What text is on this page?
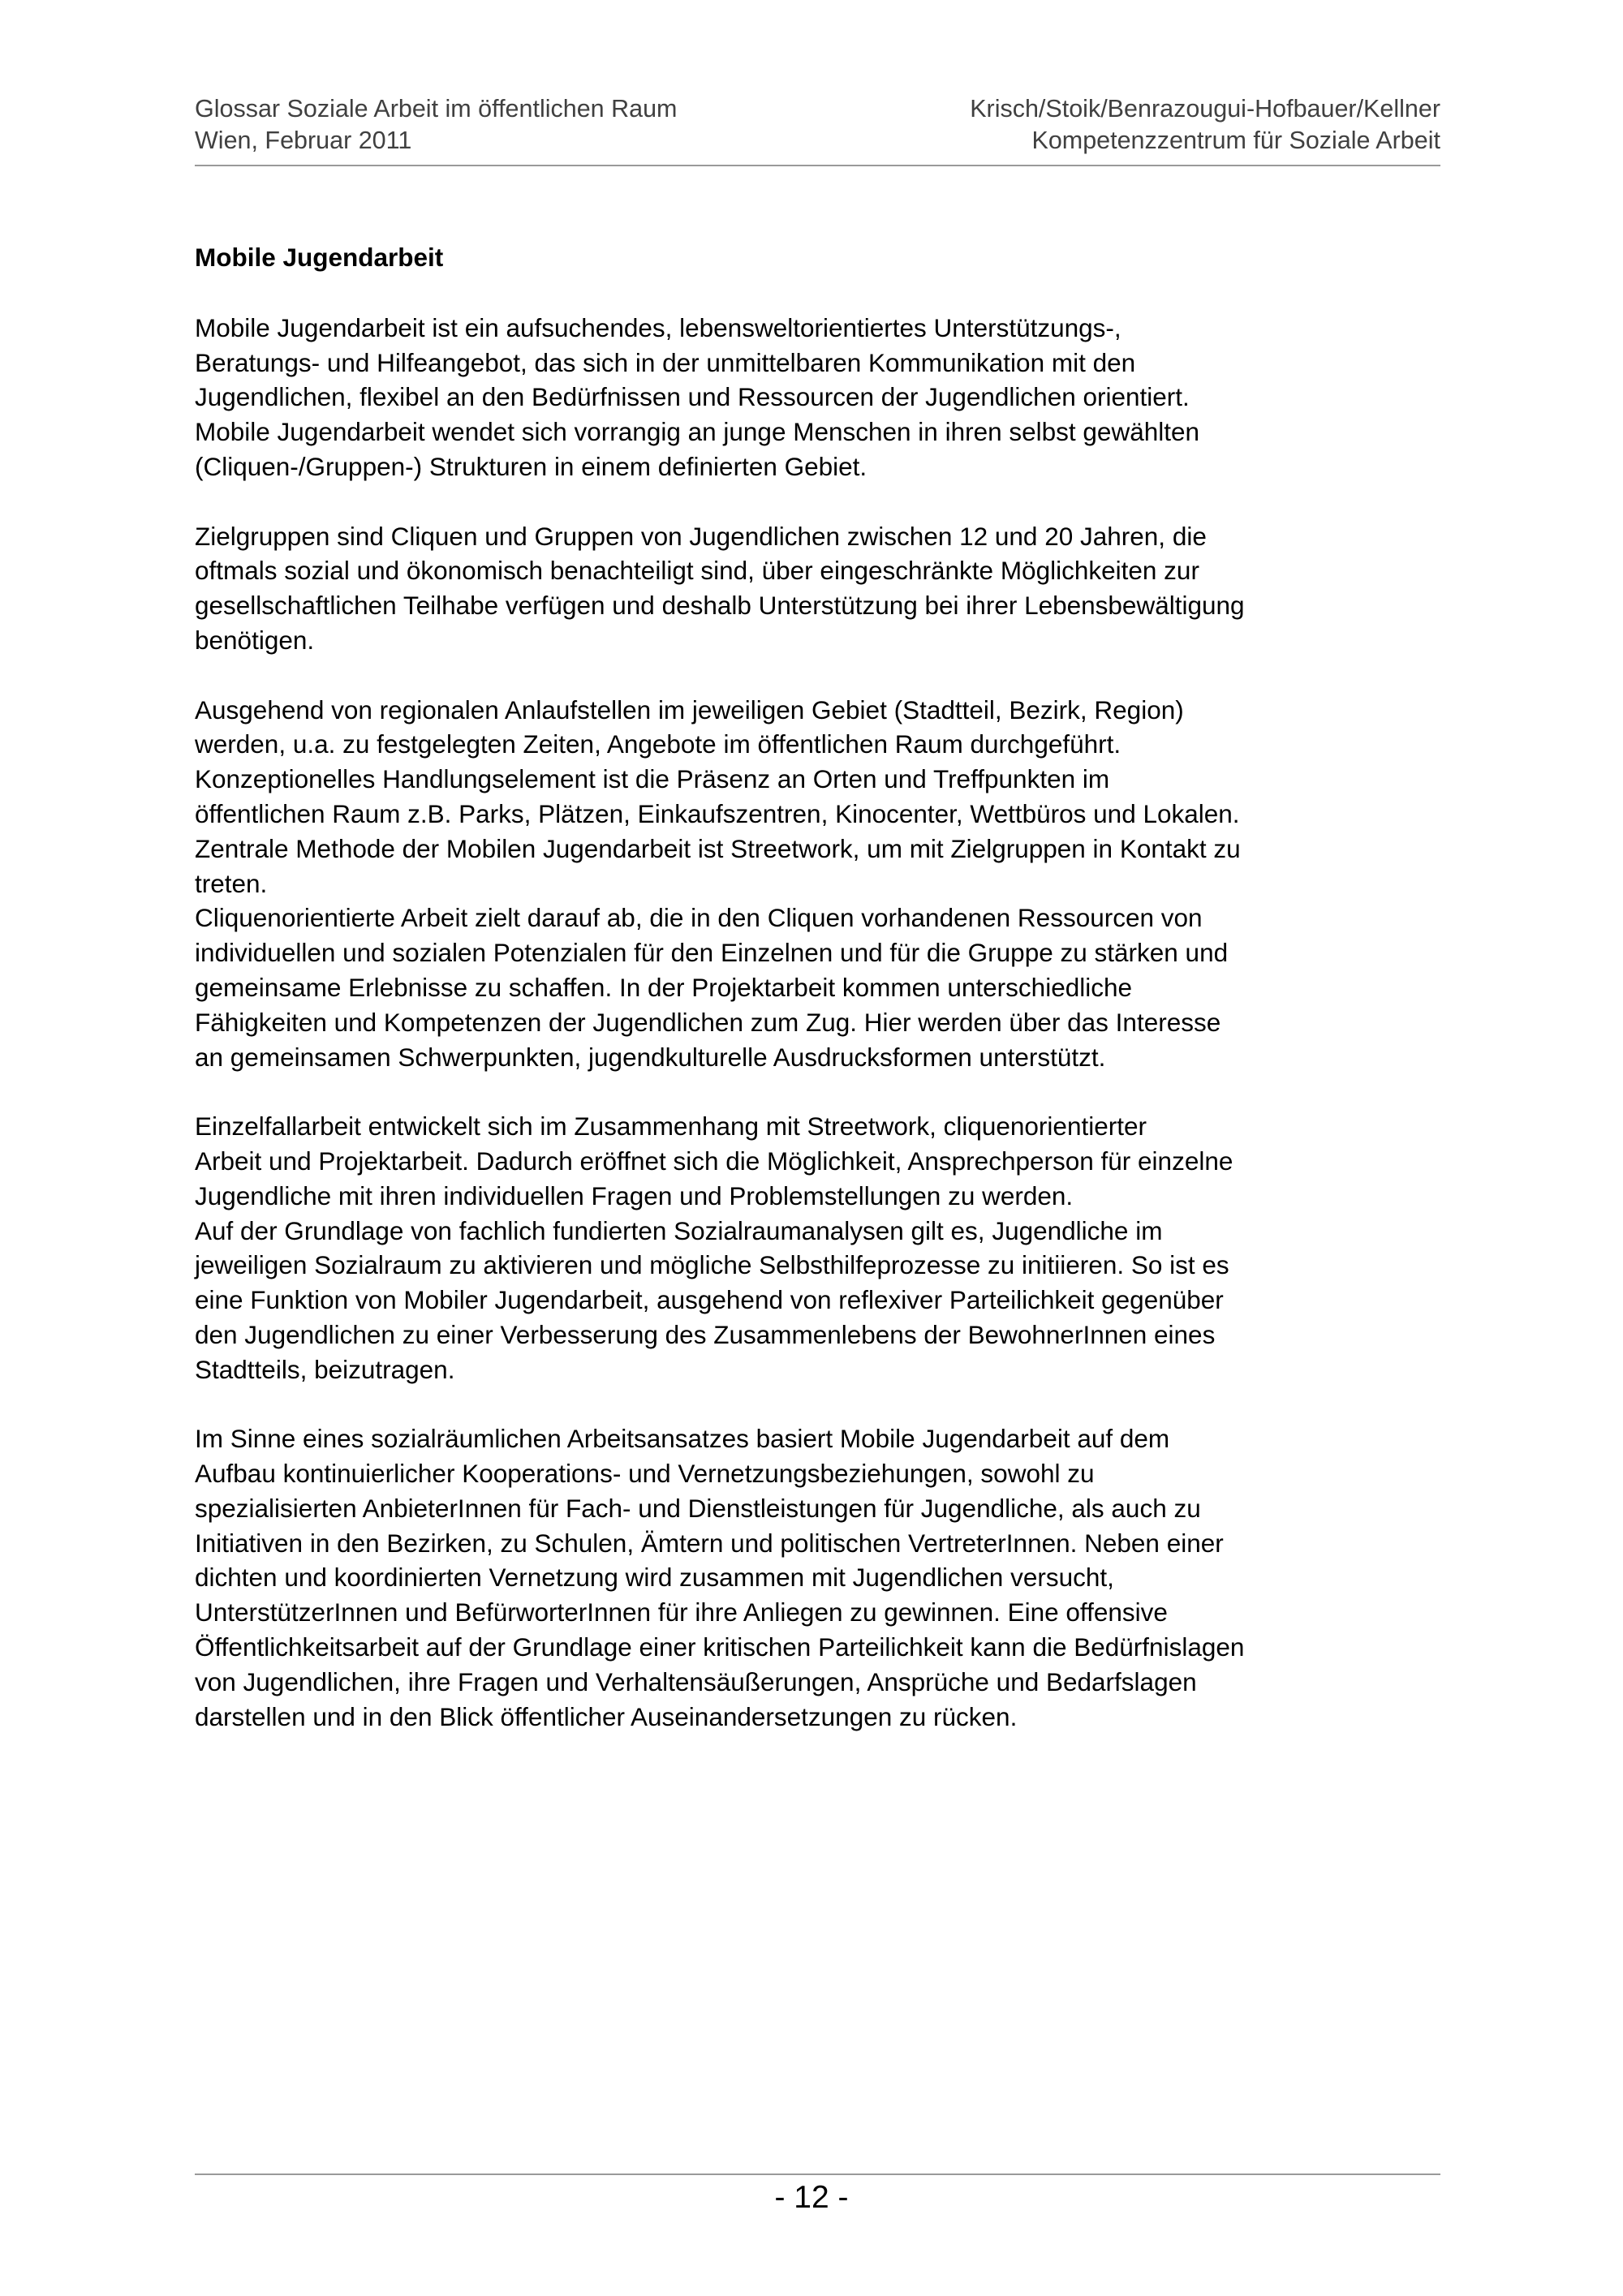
Glossar Soziale Arbeit im öffentlichen Raum
Wien, Februar 2011
Krisch/Stoik/Benrazougui-Hofbauer/Kellner
Kompetenzzentrum für Soziale Arbeit
Mobile Jugendarbeit
Mobile Jugendarbeit ist ein aufsuchendes, lebensweltorientiertes Unterstützungs-,
Beratungs- und Hilfeangebot, das sich in der unmittelbaren Kommunikation mit den
Jugendlichen, flexibel an den Bedürfnissen und Ressourcen der Jugendlichen orientiert.
Mobile Jugendarbeit wendet sich vorrangig an junge Menschen in ihren selbst gewählten
(Cliquen-/Gruppen-) Strukturen in einem definierten Gebiet.
Zielgruppen sind Cliquen und Gruppen von Jugendlichen zwischen 12 und 20 Jahren, die
oftmals sozial und ökonomisch benachteiligt sind, über eingeschränkte Möglichkeiten zur
gesellschaftlichen Teilhabe verfügen und deshalb Unterstützung bei ihrer Lebensbewältigung
benötigen.
Ausgehend von regionalen Anlaufstellen im jeweiligen Gebiet (Stadtteil, Bezirk, Region)
werden, u.a. zu festgelegten Zeiten, Angebote im öffentlichen Raum durchgeführt.
Konzeptionelles Handlungselement ist die Präsenz an Orten und Treffpunkten im
öffentlichen Raum z.B. Parks, Plätzen, Einkaufszentren, Kinocenter, Wettbüros und Lokalen.
Zentrale Methode der Mobilen Jugendarbeit ist Streetwork, um mit Zielgruppen in Kontakt zu
treten.
Cliquenorientierte Arbeit zielt darauf ab, die in den Cliquen vorhandenen Ressourcen von
individuellen und sozialen Potenzialen für den Einzelnen und für die Gruppe zu stärken und
gemeinsame Erlebnisse zu schaffen. In der Projektarbeit kommen unterschiedliche
Fähigkeiten und Kompetenzen der Jugendlichen zum Zug. Hier werden über das Interesse
an gemeinsamen Schwerpunkten, jugendkulturelle Ausdrucksformen unterstützt.
Einzelfallarbeit entwickelt sich im Zusammenhang mit Streetwork, cliquenorientierter
Arbeit und Projektarbeit. Dadurch eröffnet sich die Möglichkeit, Ansprechperson für einzelne
Jugendliche mit ihren individuellen Fragen und Problemstellungen zu werden.
Auf der Grundlage von fachlich fundierten Sozialraumanalysen gilt es, Jugendliche im
jeweiligen Sozialraum zu aktivieren und mögliche Selbsthilfeprozesse zu initiieren. So ist es
eine Funktion von Mobiler Jugendarbeit, ausgehend von reflexiver Parteilichkeit gegenüber
den Jugendlichen zu einer Verbesserung des Zusammenlebens der BewohnerInnen eines
Stadtteils, beizutragen.
Im Sinne eines sozialräumlichen Arbeitsansatzes basiert Mobile Jugendarbeit auf dem
Aufbau kontinuierlicher Kooperations- und Vernetzungsbeziehungen, sowohl zu
spezialisierten AnbieterInnen für Fach- und Dienstleistungen für Jugendliche, als auch zu
Initiativen in den Bezirken, zu Schulen, Ämtern und politischen VertreterInnen. Neben einer
dichten und koordinierten Vernetzung wird zusammen mit Jugendlichen versucht,
UnterstützerInnen und BefürworterInnen für ihre Anliegen zu gewinnen. Eine offensive
Öffentlichkeitsarbeit auf der Grundlage einer kritischen Parteilichkeit kann die Bedürfnislagen
von Jugendlichen, ihre Fragen und Verhaltensäußerungen, Ansprüche und Bedarfslagen
darstellen und in den Blick öffentlicher Auseinandersetzungen zu rücken.
- 12 -
